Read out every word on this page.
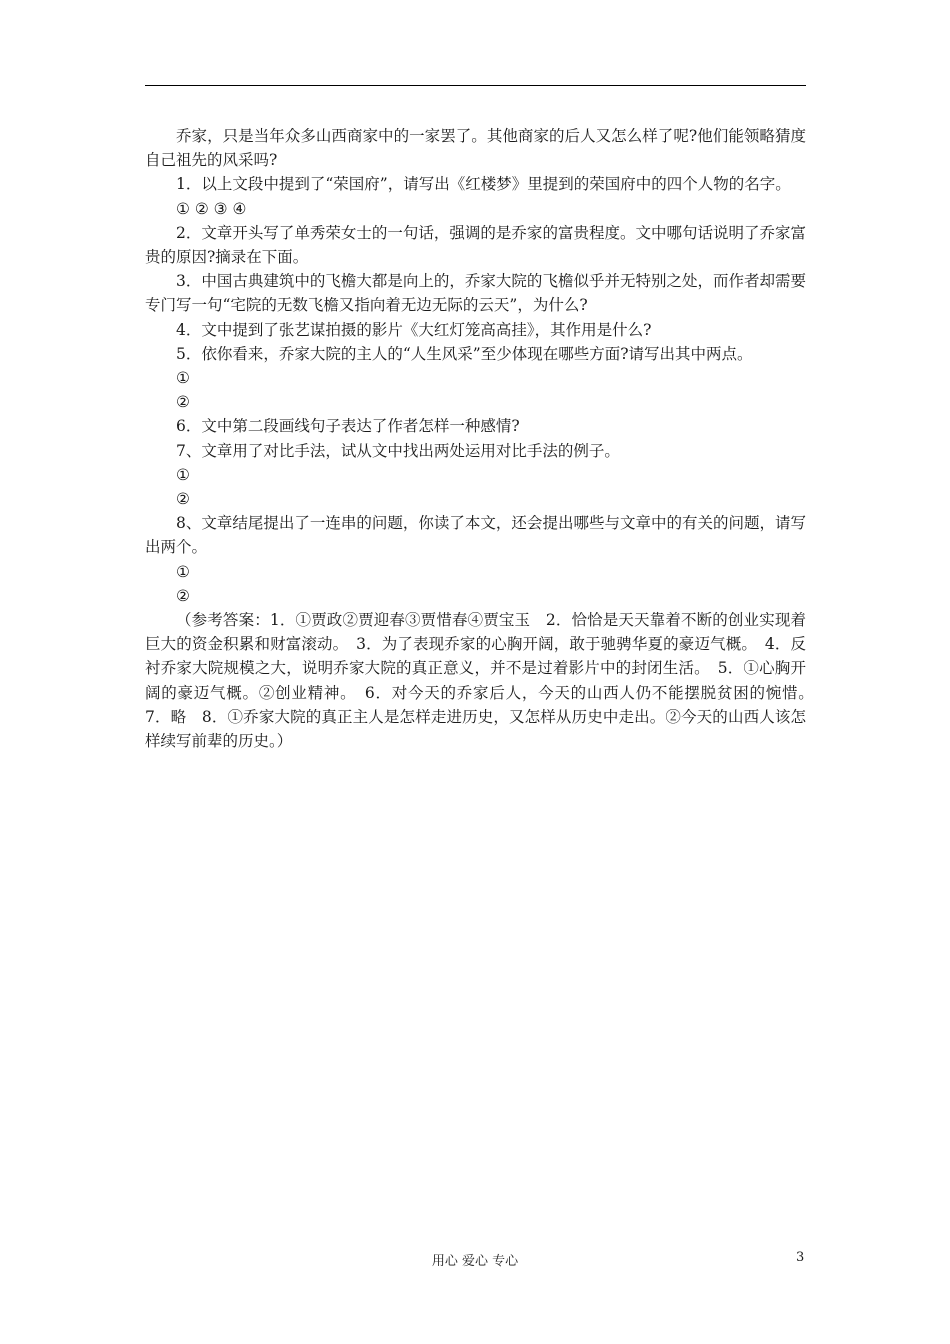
乔家，只是当年众多山西商家中的一家罢了。其他商家的后人又怎么样了呢?他们能领略猜度自己祖先的风采吗?

1．以上文段中提到了“荣国府”，请写出《红楼梦》里提到的荣国府中的四个人物的名字。

① ② ③ ④

2．文章开头写了单秀荣女士的一句话，强调的是乔家的富贵程度。文中哪句话说明了乔家富贵的原因?摘录在下面。

3．中国古典建筑中的飞檐大都是向上的，乔家大院的飞檐似乎并无特别之处，而作者却需要专门写一句“宅院的无数飞檐又指向着无边无际的云天”，为什么?

4．文中提到了张艺谋拍摄的影片《大红灯笼高高挂》，其作用是什么?

5．依你看来，乔家大院的主人的“人生风采”至少体现在哪些方面?请写出其中两点。

①

②

6．文中第二段画线句子表达了作者怎样一种感情?

7、文章用了对比手法，试从文中找出两处运用对比手法的例子。

①

②

8、文章结尾提出了一连串的问题，你读了本文，还会提出哪些与文章中的有关的问题，请写出两个。

①

②

（参考答案：1．①贾政②贾迎春③贾惜春④贾宝玉　2．恰恰是天天靠着不断的创业实现着巨大的资金积累和财富滚动。　3．为了表现乔家的心胸开阔，敢于驰骋华夏的豪迈气概。　4．反衬乔家大院规模之大，说明乔家大院的真正意义，并不是过着影片中的封闭生活。　5．①心胸开阔的豪迈气概。②创业精神。　6．对今天的乔家后人，今天的山西人仍不能摆脱贫困的惋惜。　7．略　8．①乔家大院的真正主人是怎样走进历史，又怎样从历史中走出。②今天的山西人该怎样续写前辈的历史。）

用心 爱心 专心	3
